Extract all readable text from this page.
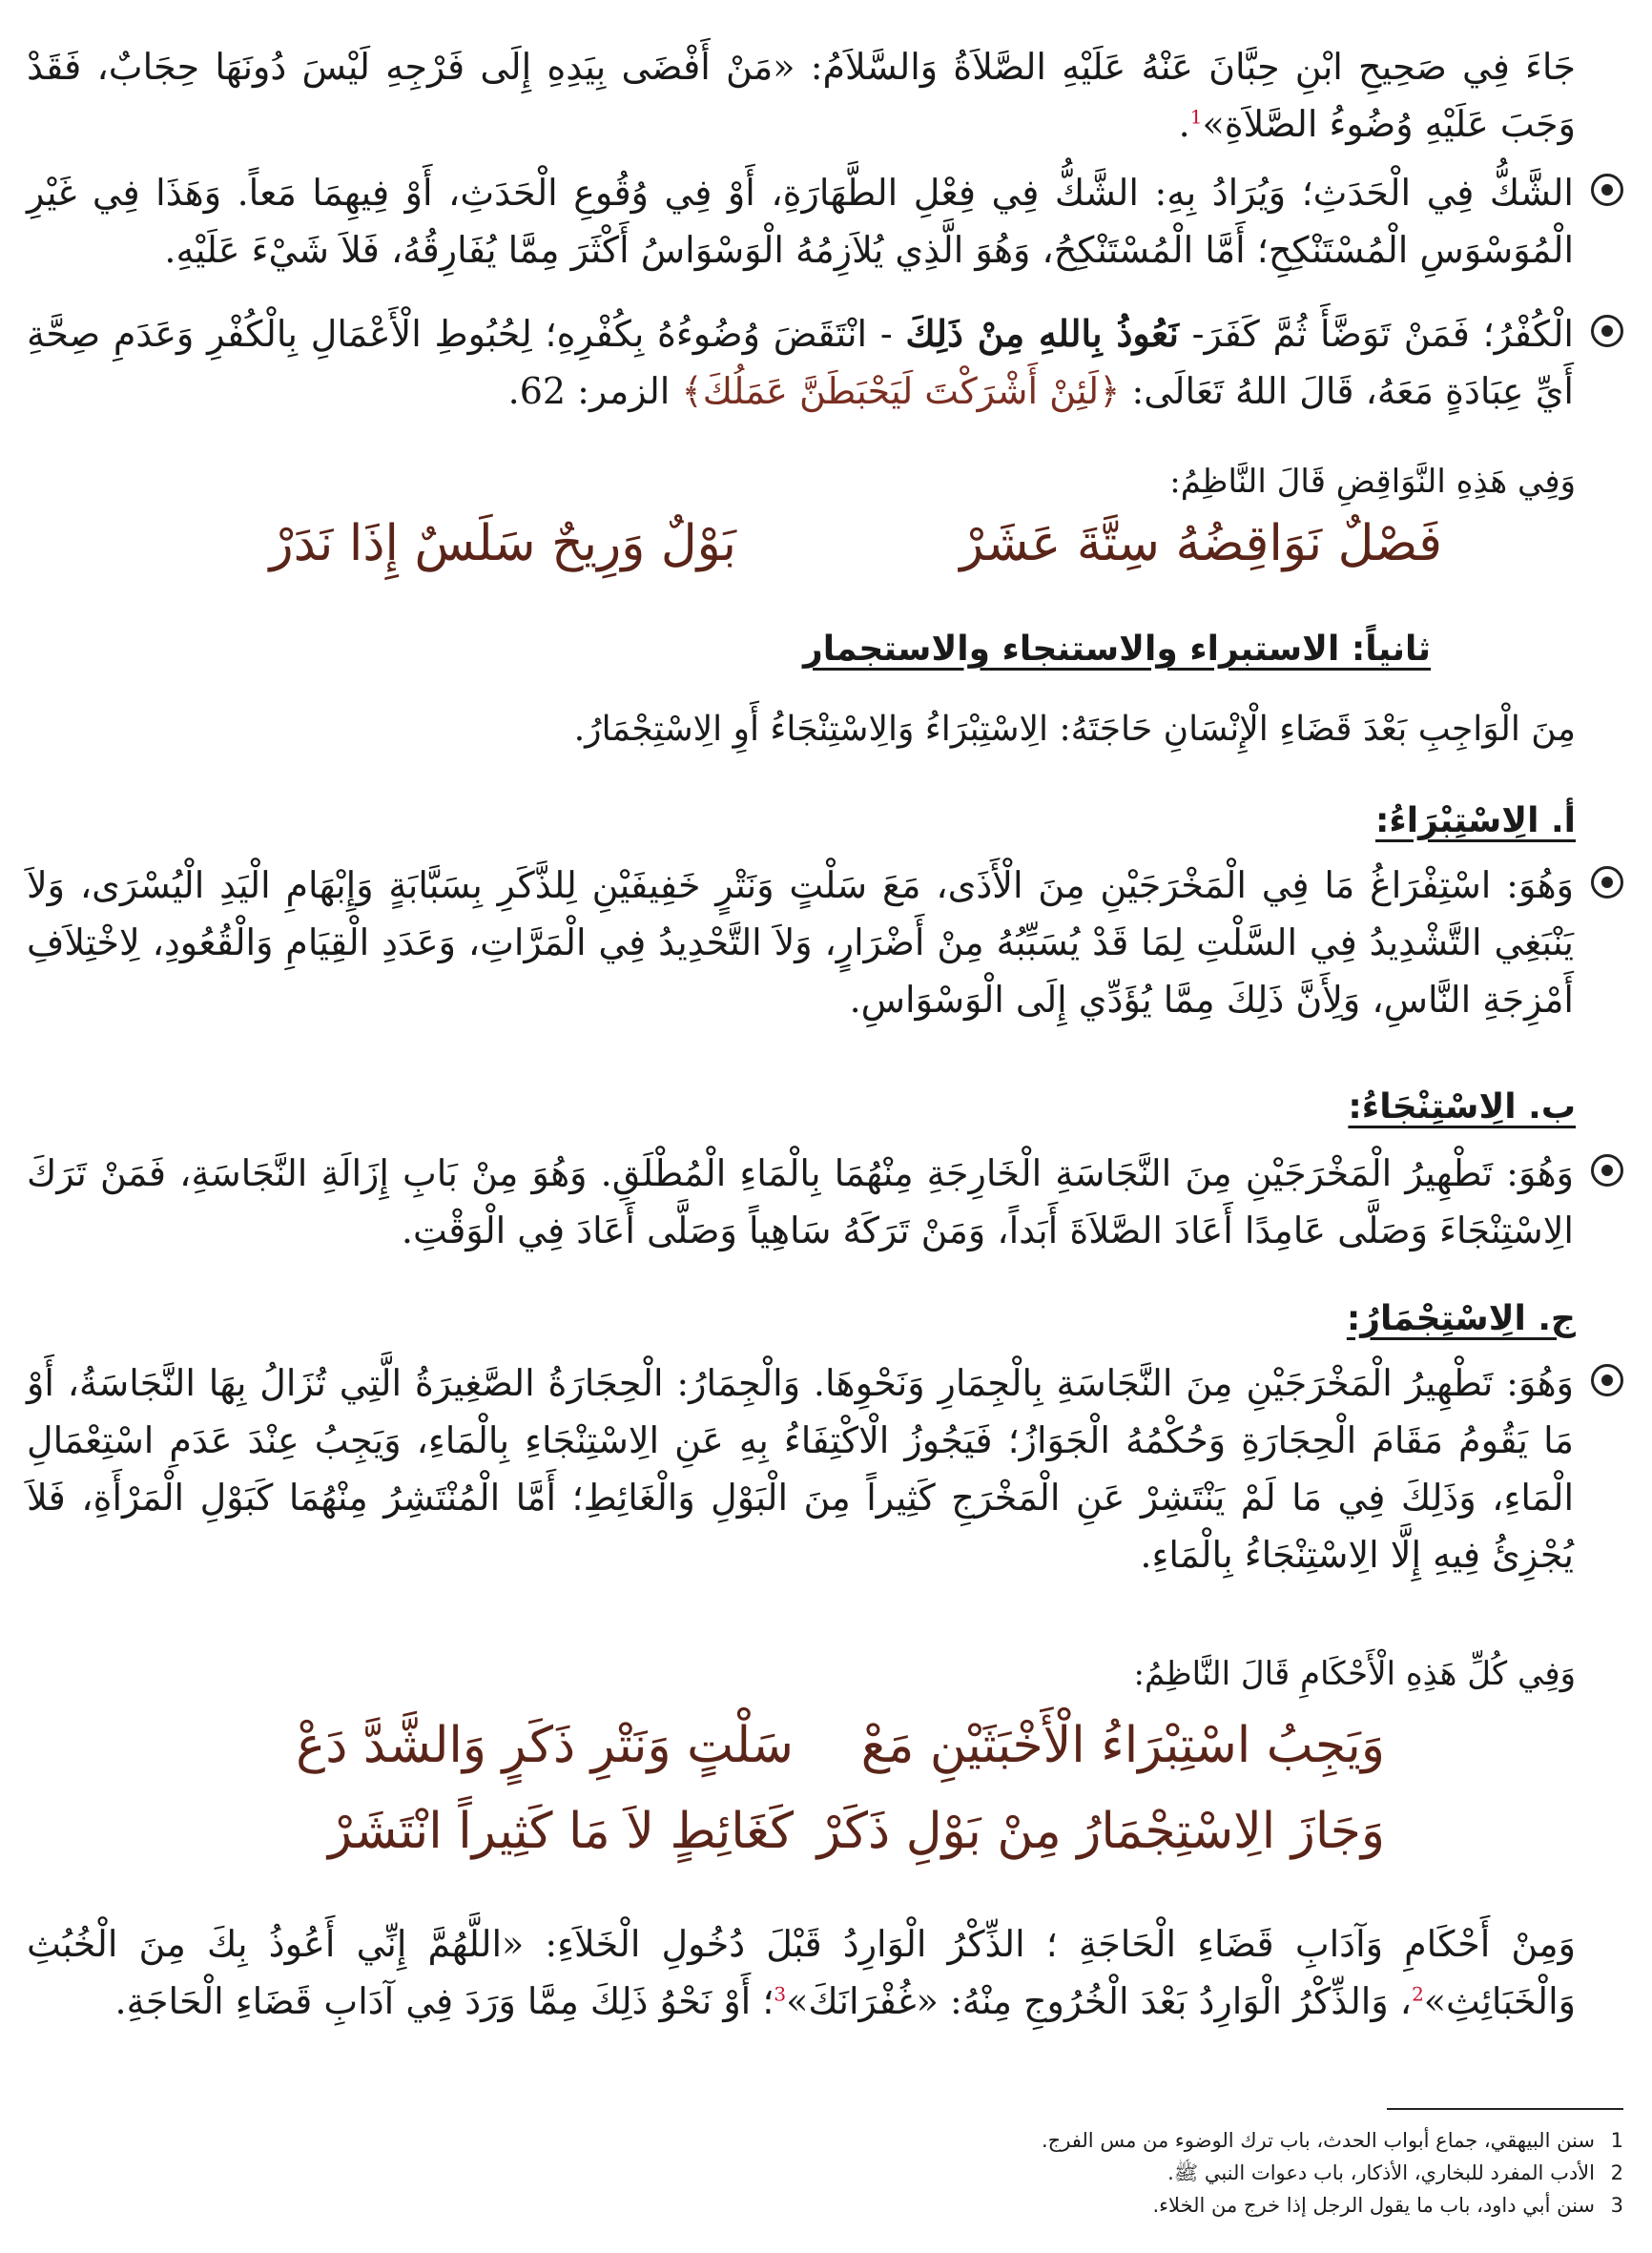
جَاءَ فِي صَحِيحِ ابْنِ حِبَّانَ عَنْهُ عَلَيْهِ الصَّلاَةُ وَالسَّلاَمُ: «مَنْ أَفْضَى بِيَدِهِ إِلَى فَرْجِهِ لَيْسَ دُونَهَا حِجَابٌ، فَقَدْ وَجَبَ عَلَيْهِ وُضُوءُ الصَّلاَةِ»$^1$.
الشَّكُّ فِي الْحَدَثِ؛ وَيُرَادُ بِهِ: الشَّكُّ فِي فِعْلِ الطَّهَارَةِ، أَوْ فِي وُقُوعِ الْحَدَثِ، أَوْ فِيهِمَا مَعاً. وَهَذَا فِي غَيْرِ الْمُوَسْوَسِ الْمُسْتَنْكِحِ؛ أَمَّا الْمُسْتَنْكِحُ، وَهُوَ الَّذِي يُلاَزِمُهُ الْوَسْوَاسُ أَكْثَرَ مِمَّا يُفَارِقُهُ، فَلاَ شَيْءَ عَلَيْهِ.
الْكُفْرُ؛ فَمَنْ تَوَضَّأَ ثُمَّ كَفَرَ- نَعُوذُ بِاللهِ مِنْ ذَلِكَ - انْتَقَضَ وُضُوءُهُ بِكُفْرِهِ؛ لِحُبُوطِ الْأَعْمَالِ بِالْكُفْرِ وَعَدَمِ صِحَّةِ أَيِّ عِبَادَةٍ مَعَهُ، قَالَ اللهُ تَعَالَى: ﴿لَئِنْ أَشْرَكْتَ لَيَحْبَطَنَّ عَمَلُكَ﴾ الزمر: 62.
وَفِي هَذِهِ النَّوَاقِضِ قَالَ النَّاظِمُ:
فَصْلٌ نَوَاقِضُهُ سِتَّةَ عَشَرْ
بَوْلٌ وَرِيحٌ سَلَسٌ إِذَا نَدَرْ
ثانياً: الاستبراء والاستنجاء والاستجمار
مِنَ الْوَاجِبِ بَعْدَ قَضَاءِ الْإِنْسَانِ حَاجَتَهُ: الِاسْتِبْرَاءُ وَالِاسْتِنْجَاءُ أَوِ الِاسْتِجْمَارُ.
أ. الِاسْتِبْرَاءُ:
وَهُوَ: اسْتِفْرَاغُ مَا فِي الْمَخْرَجَيْنِ مِنَ الْأَذَى، مَعَ سَلْتٍ وَنَتْرٍ خَفِيفَيْنِ لِلذَّكَرِ بِسَبَّابَةٍ وَإِبْهَامِ الْيَدِ الْيُسْرَى، وَلاَ يَنْبَغِي التَّشْدِيدُ فِي السَّلْتِ لِمَا قَدْ يُسَبِّبُهُ مِنْ أَضْرَارٍ، وَلاَ التَّحْدِيدُ فِي الْمَرَّاتِ، وَعَدَدِ الْقِيَامِ وَالْقُعُودِ، لِاخْتِلاَفِ أَمْزِجَةِ النَّاسِ، وَلِأَنَّ ذَلِكَ مِمَّا يُؤَدِّي إِلَى الْوَسْوَاسِ.
ب. الِاسْتِنْجَاءُ:
وَهُوَ: تَطْهِيرُ الْمَخْرَجَيْنِ مِنَ النَّجَاسَةِ الْخَارِجَةِ مِنْهُمَا بِالْمَاءِ الْمُطْلَقِ. وَهُوَ مِنْ بَابِ إِزَالَةِ النَّجَاسَةِ، فَمَنْ تَرَكَ الِاسْتِنْجَاءَ وَصَلَّى عَامِدًا أَعَادَ الصَّلاَةَ أَبَداً، وَمَنْ تَرَكَهُ سَاهِياً وَصَلَّى أَعَادَ فِي الْوَقْتِ.
ج. الِاسْتِجْمَارُ:
وَهُوَ: تَطْهِيرُ الْمَخْرَجَيْنِ مِنَ النَّجَاسَةِ بِالْجِمَارِ وَنَحْوِهَا. وَالْجِمَارُ: الْحِجَارَةُ الصَّغِيرَةُ الَّتِي تُزَالُ بِهَا النَّجَاسَةُ، أَوْ مَا يَقُومُ مَقَامَ الْحِجَارَةِ وَحُكْمُهُ الْجَوَازُ؛ فَيَجُوزُ الْاكْتِفَاءُ بِهِ عَنِ الِاسْتِنْجَاءِ بِالْمَاءِ، وَيَجِبُ عِنْدَ عَدَمِ اسْتِعْمَالِ الْمَاءِ، وَذَلِكَ فِي مَا لَمْ يَنْتَشِرْ عَنِ الْمَخْرَجِ كَثِيراً مِنَ الْبَوْلِ وَالْغَائِطِ؛ أَمَّا الْمُنْتَشِرُ مِنْهُمَا كَبَوْلِ الْمَرْأَةِ، فَلاَ يُجْزِئُ فِيهِ إِلَّا الِاسْتِنْجَاءُ بِالْمَاءِ.
وَفِي كُلِّ هَذِهِ الْأَحْكَامِ قَالَ النَّاظِمُ:
وَيَجِبُ اسْتِبْرَاءُ الْأَخْبَثَيْنِ مَعْ
سَلْتٍ وَنَتْرِ ذَكَرٍ وَالشَّدَّ دَعْ
وَجَازَ الِاسْتِجْمَارُ مِنْ بَوْلِ ذَكَرْ
كَغَائِطٍ لاَ مَا كَثِيراً انْتَشَرْ
وَمِنْ أَحْكَامِ وَآدَابِ قَضَاءِ الْحَاجَةِ ؛ الذِّكْرُ الْوَارِدُ قَبْلَ دُخُولِ الْخَلاَءِ: «اللَّهُمَّ إِنِّي أَعُوذُ بِكَ مِنَ الْخُبُثِ وَالْخَبَائِثِ»$^2$، وَالذِّكْرُ الْوَارِدُ بَعْدَ الْخُرُوجِ مِنْهُ: «غُفْرَانَكَ»$^3$؛ أَوْ نَحْوُ ذَلِكَ مِمَّا وَرَدَ فِي آدَابِ قَضَاءِ الْحَاجَةِ.
1سنن البيهقي، جماع أبواب الحدث، باب ترك الوضوء من مس الفرج.
2الأدب المفرد للبخاري، الأذكار، باب دعوات النبي ﷺ.
3سنن أبي داود، باب ما يقول الرجل إذا خرج من الخلاء.
